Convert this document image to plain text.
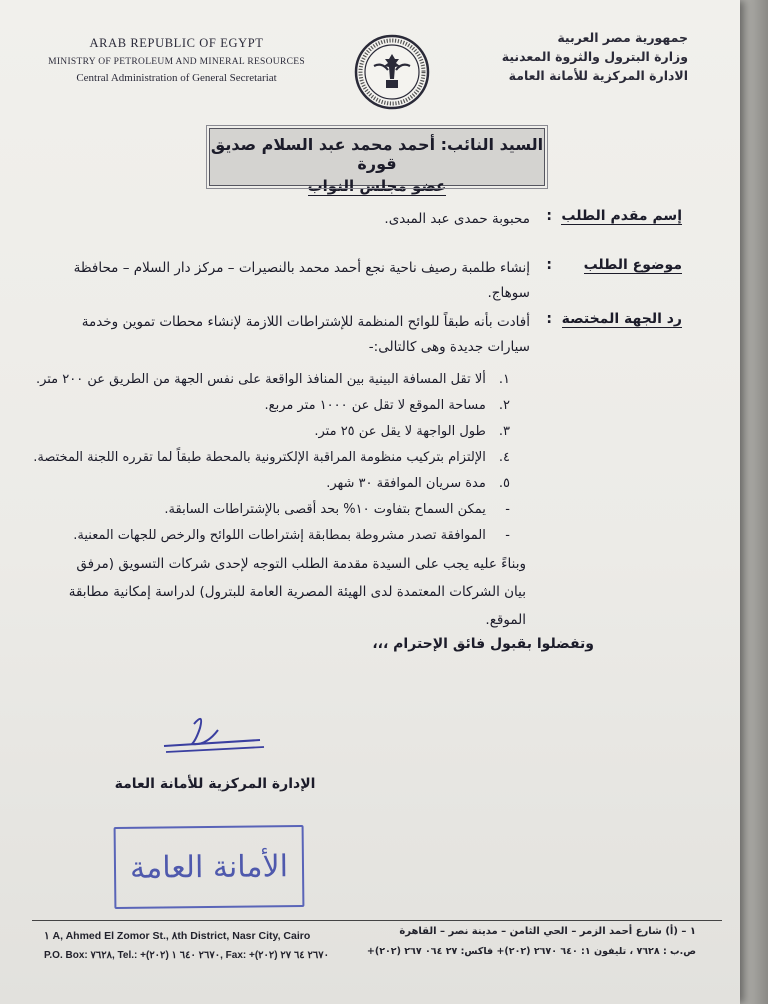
ARAB REPUBLIC OF EGYPT
MINISTRY OF PETROLEUM AND MINERAL RESOURCES
Central Administration of General Secretariat
جمهورية مصر العربية
وزارة البترول والثروة المعدنية
الادارة المركزية للأمانة العامة
السيد النائب: أحمد محمد عبد السلام صديق قورة
عضو مجلس النواب
إسم مقدم الطلب
:
محبوبة حمدى عبد المبدى.
موضوع الطلب
:
إنشاء طلمبة رصيف ناحية نجع أحمد محمد بالنصيرات – مركز دار السلام – محافظة سوهاج.
رد الجهة المختصة
:
أفادت بأنه طبقاً للوائح المنظمة للإشتراطات اللازمة لإنشاء محطات تموين وخدمة سيارات جديدة وهى كالتالى:-
١. ألا تقل المسافة البينية بين المنافذ الواقعة على نفس الجهة من الطريق عن ٢٠٠ متر.
٢. مساحة الموقع لا تقل عن ١٠٠٠ متر مربع.
٣. طول الواجهة لا يقل عن ٢٥ متر.
٤. الإلتزام بتركيب منظومة المراقبة الإلكترونية بالمحطة طبقاً لما تقرره اللجنة المختصة.
٥. مدة سريان الموافقة ٣٠ شهر.
- يمكن السماح بتفاوت ١٠% بحد أقصى بالإشتراطات السابقة.
- الموافقة تصدر مشروطة بمطابقة إشتراطات اللوائح والرخص للجهات المعنية.
وبناءً عليه يجب على السيدة مقدمة الطلب التوجه لإحدى شركات التسويق (مرفق بيان الشركات المعتمدة لدى الهيئة المصرية العامة للبترول) لدراسة إمكانية مطابقة الموقع.
وتفضلوا بقبول فائق الإحترام ،،،
الإدارة المركزية للأمانة العامة
الأمانة العامة
١ A, Ahmed El Zomor St., ٨th District, Nasr City, Cairo
P.O. Box: ٧٦٢٨, Tel.: +(٢٠٢) ٢٦٧٠ ٦٤٠ ١, Fax: +(٢٠٢) ٢٦٧٠ ٦٤ ٢٧
١ – (أ) شارع أحمد الزمر – الحي الثامن – مدينة نصر – القاهرة
ص.ب : ٧٦٢٨ ، تليفون ١: ٦٤٠ ٢٦٧٠ (٢٠٢)+ فاكس: ٢٧ ٠٦٤ ٢٦٧ (٢٠٢)+
